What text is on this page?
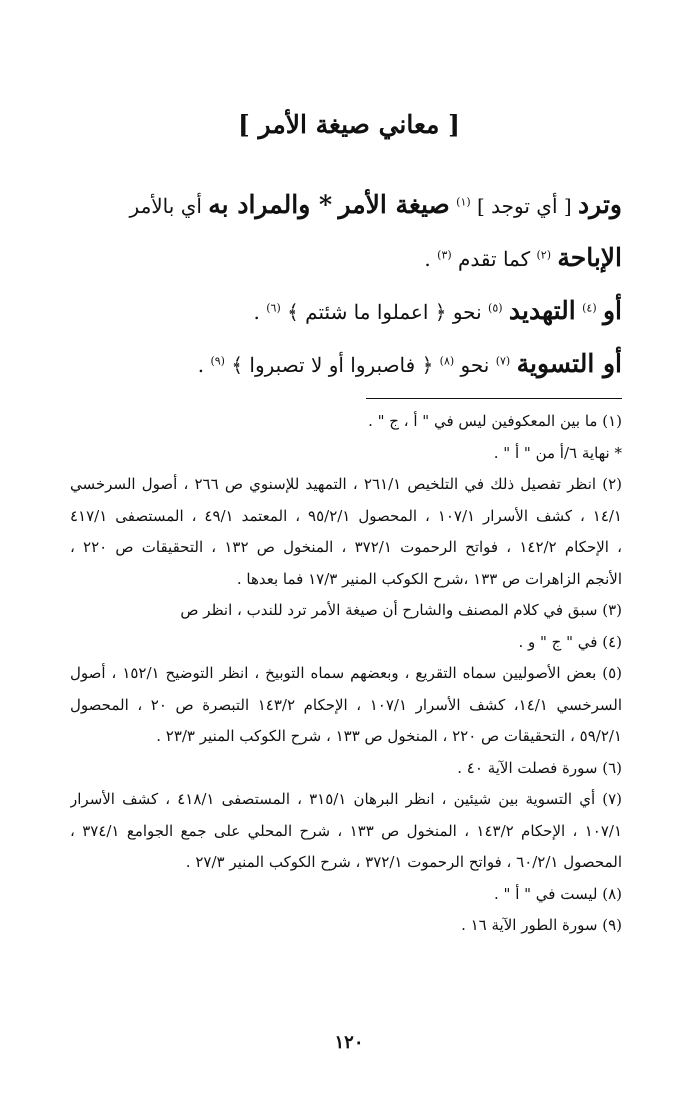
[ معاني صيغة الأمر ]
وترد [ أي توجد ] $^{(١)}$ صيغة الأمر * والمراد به أي بالأمر
الإباحة $^{(٢)}$ كما تقدم $^{(٣)}$ .
أو $^{(٤)}$ التهديد $^{(٥)}$ نحو ﴿ اعملوا ما شئتم ﴾ $^{(٦)}$ .
أو التسوية $^{(٧)}$ نحو $^{(٨)}$ ﴿ فاصبروا أو لا تصبروا ﴾ $^{(٩)}$ .
(١) ما بين المعكوفين ليس في " أ ، ج " .
* نهاية ٦/أ من " أ " .
(٢) انظر تفصيل ذلك في التلخيص ٢٦١/١ ، التمهيد للإسنوي ص ٢٦٦ ، أصول السرخسي
١٤/١ ، كشف الأسرار ١٠٧/١ ، المحصول ٩٥/٢/١ ، المعتمد ٤٩/١ ، المستصفى ٤١٧/١
، الإحكام ١٤٢/٢ ، فواتح الرحموت ٣٧٢/١ ، المنخول ص ١٣٢ ، التحقيقات ص ٢٢٠ ،
الأنجم الزاهرات ص ١٣٣ ،شرح الكوكب المنير ١٧/٣ فما بعدها .
(٣) سبق في كلام المصنف والشارح أن صيغة الأمر ترد للندب ، انظر ص
(٤) في " ج " و .
(٥) بعض الأصوليين سماه التقريع ، وبعضهم سماه التوبيخ ، انظر التوضيح ١٥٢/١ ، أصول
السرخسي ١٤/١، كشف الأسرار ١٠٧/١ ، الإحكام ١٤٣/٢ التبصرة ص ٢٠ ، المحصول
٥٩/٢/١ ، التحقيقات ص ٢٢٠ ، المنخول ص ١٣٣ ، شرح الكوكب المنير ٢٣/٣ .
(٦) سورة فصلت الآية ٤٠ .
(٧) أي التسوية بين شيئين ، انظر البرهان ٣١٥/١ ، المستصفى ٤١٨/١ ، كشف الأسرار
١٠٧/١ ، الإحكام ١٤٣/٢ ، المنخول ص ١٣٣ ، شرح المحلي على جمع الجوامع ٣٧٤/١ ،
المحصول ٦٠/٢/١ ، فواتح الرحموت ٣٧٢/١ ، شرح الكوكب المنير ٢٧/٣ .
(٨) ليست في " أ " .
(٩) سورة الطور الآية ١٦ .
١٢٠
